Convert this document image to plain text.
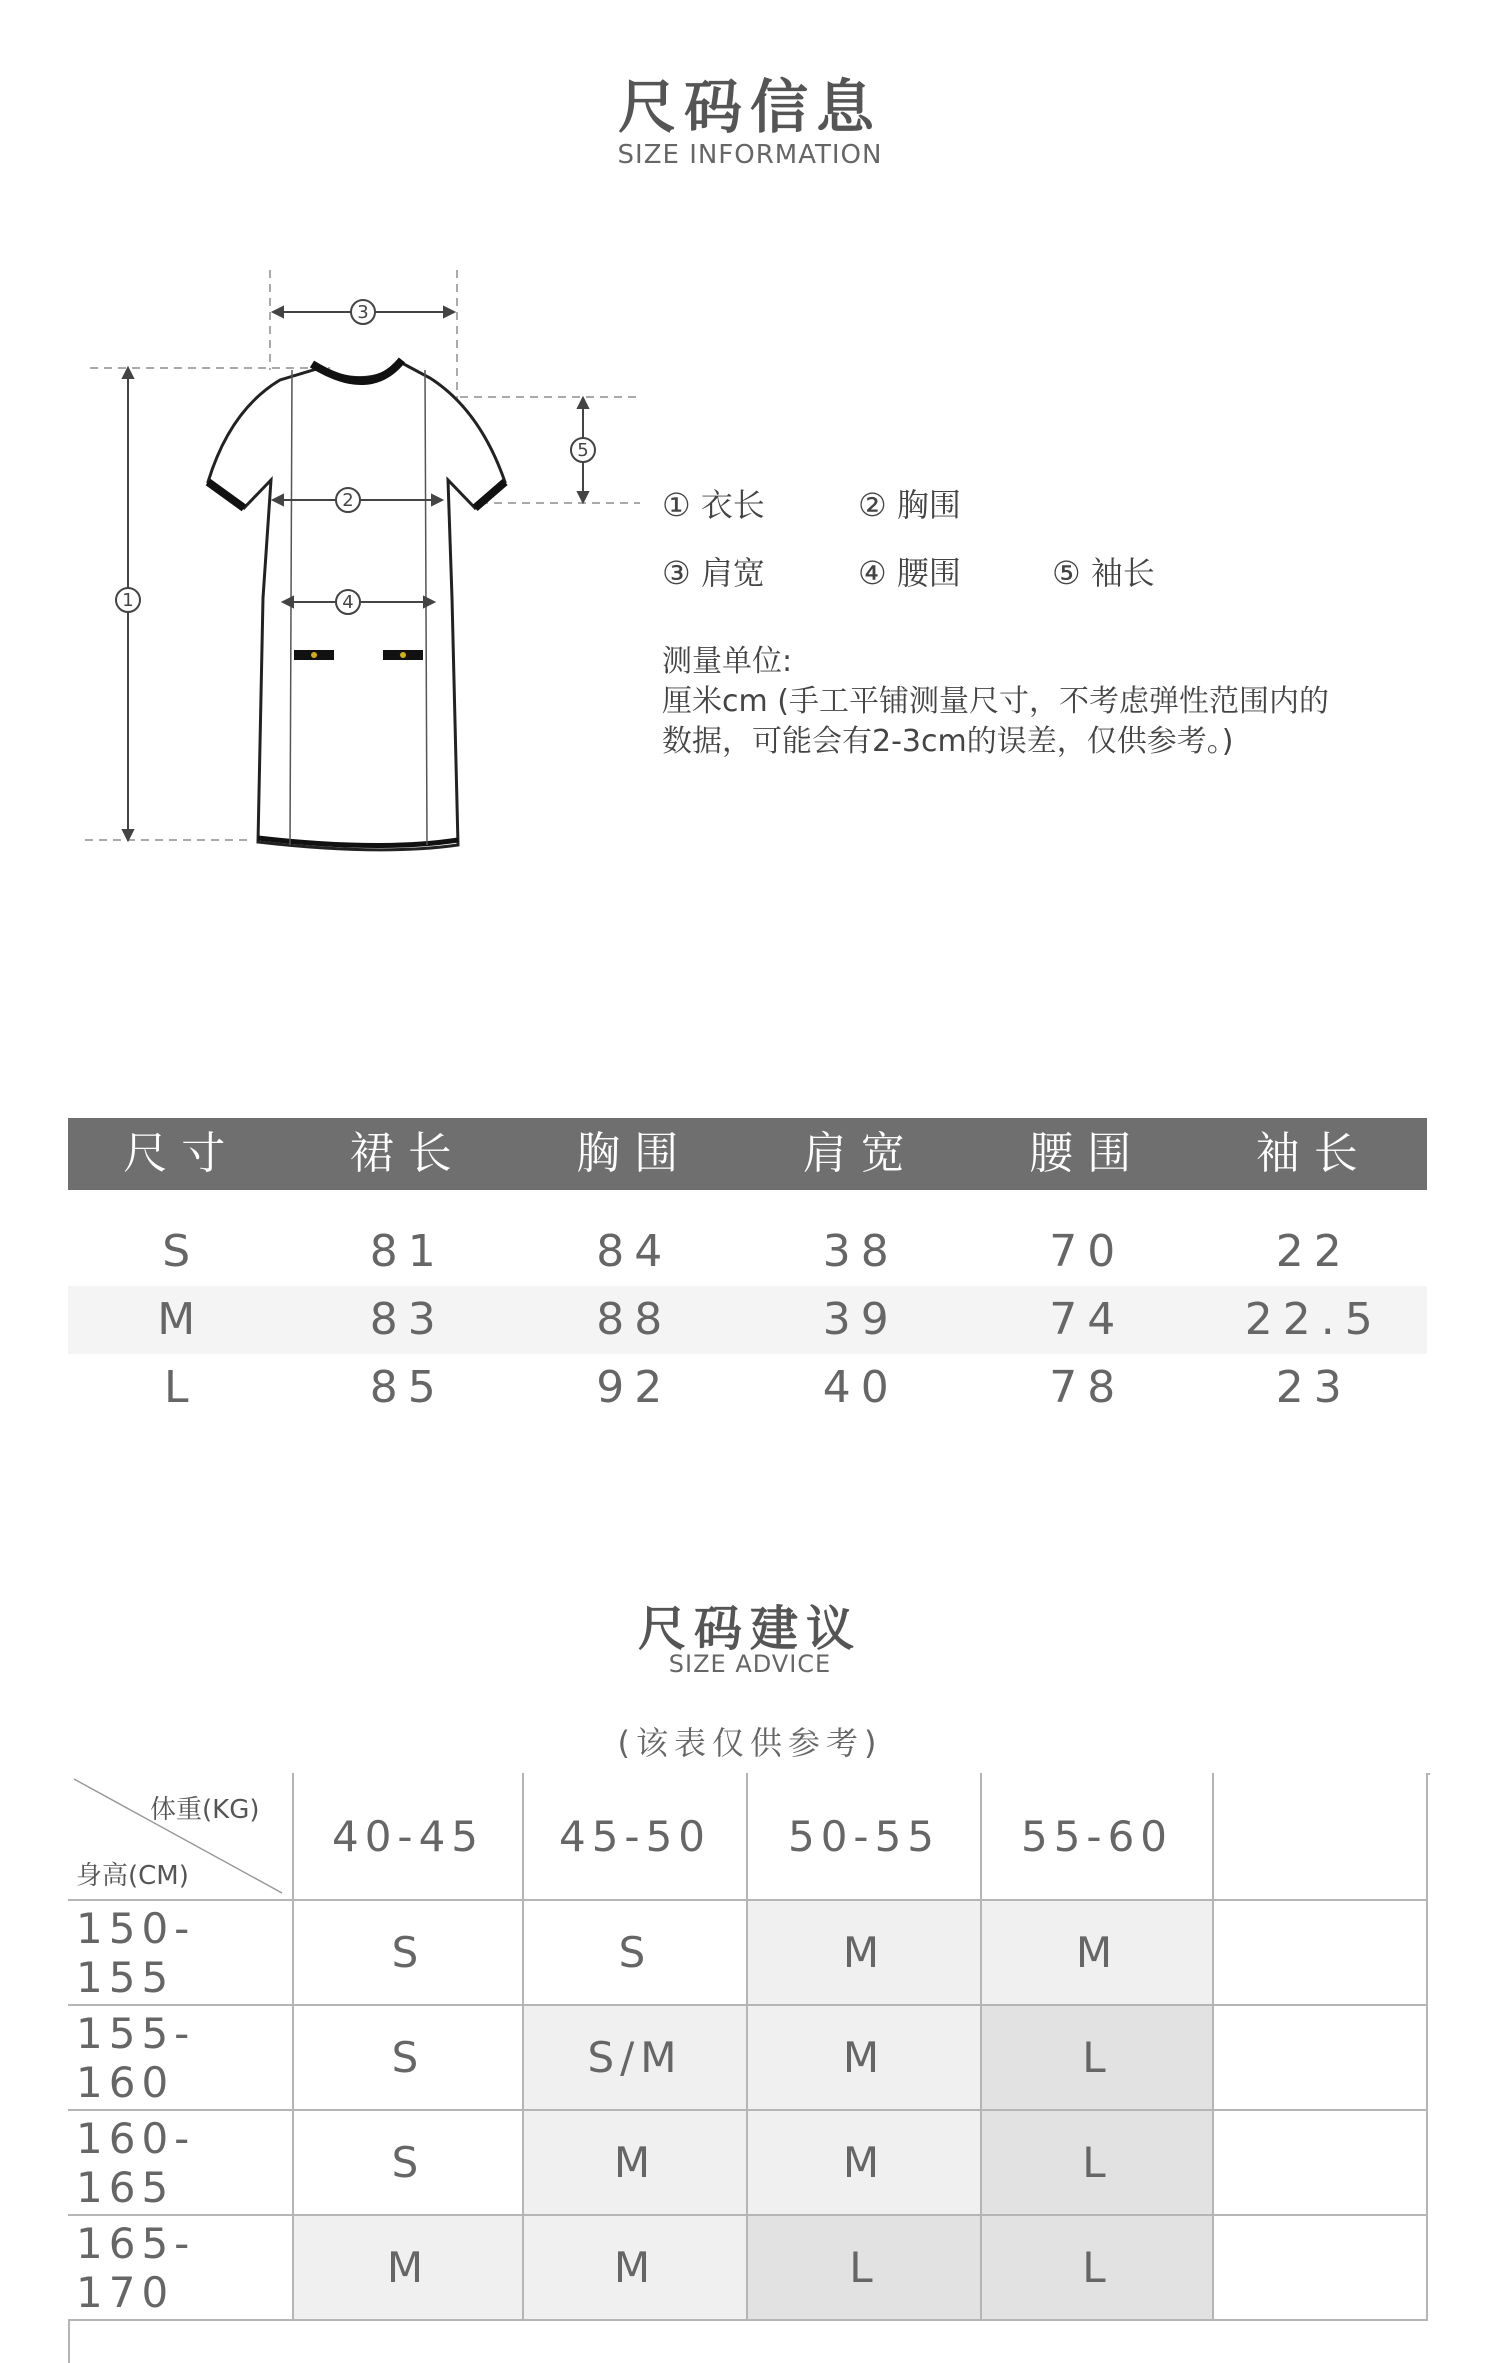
尺码信息
SIZE INFORMATION
3
1
2
4
5
① 衣长	② 胸围
③ 肩宽	④ 腰围	⑤ 袖长
测量单位:
厘米cm (手工平铺测量尺寸，不考虑弹性范围内的
数据，可能会有2-3cm的误差，仅供参考。)
尺寸	裙长	胸围	肩宽	腰围	袖长
S	81	84	38	70	22
M	83	88	39	74	22.5
L	85	92	40	78	23
尺码建议
SIZE ADVICE
(该表仅供参考)
体重(KG)
身高(CM)
40-45	45-50	50-55	55-60
150-155	S	S	M	M
155-160	S	S/M	M	L
160-165	S	M	M	L
165-170	M	M	L	L
